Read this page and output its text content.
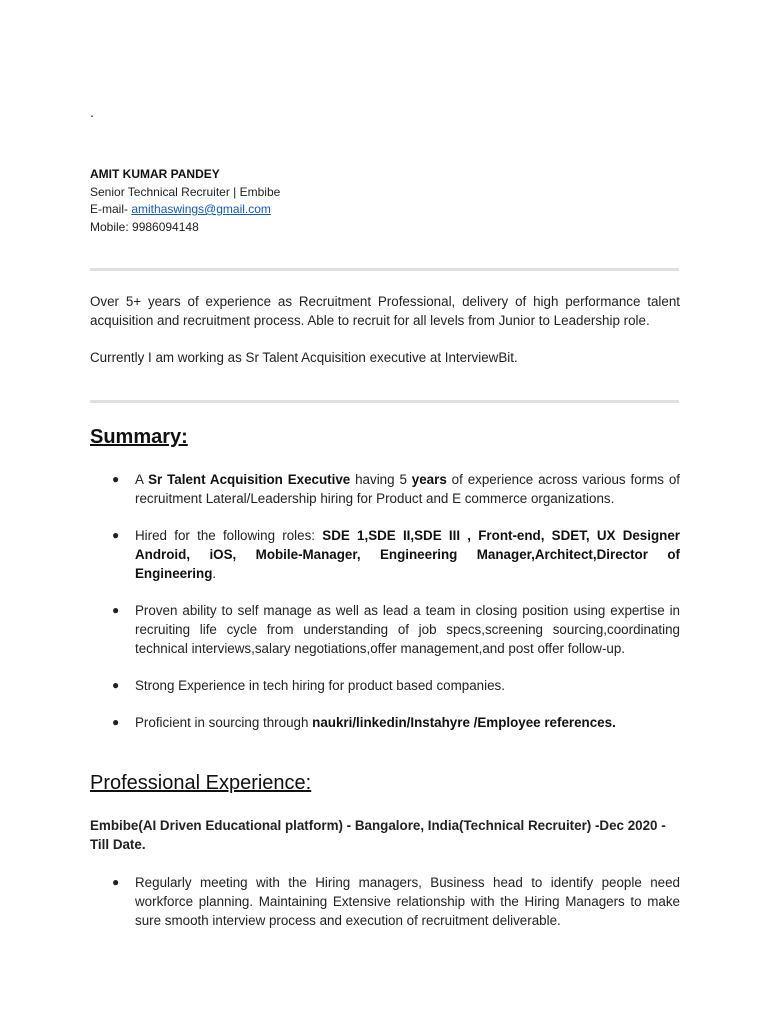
.
AMIT KUMAR PANDEY
Senior Technical Recruiter | Embibe
E-mail- amithaswings@gmail.com
Mobile: 9986094148
Over 5+ years of experience as Recruitment Professional, delivery of high performance talent acquisition and recruitment process. Able to recruit for all levels from Junior to Leadership role.
Currently I am working as Sr Talent Acquisition executive at InterviewBit.
Summary:
● A Sr Talent Acquisition Executive having 5 years of experience across various forms of recruitment Lateral/Leadership hiring for Product and E commerce organizations.
● Hired for the following roles: SDE 1,SDE II,SDE III , Front-end, SDET, UX Designer Android, iOS, Mobile-Manager, Engineering Manager,Architect,Director of Engineering.
● Proven ability to self manage as well as lead a team in closing position using expertise in recruiting life cycle from understanding of job specs,screening sourcing,coordinating technical interviews,salary negotiations,offer management,and post offer follow-up.
● Strong Experience in tech hiring for product based companies.
● Proficient in sourcing through naukri/linkedin/Instahyre /Employee references.
Professional Experience:
Embibe(AI Driven Educational platform) - Bangalore, India(Technical Recruiter) -Dec 2020 - Till Date.
● Regularly meeting with the Hiring managers, Business head to identify people need workforce planning. Maintaining Extensive relationship with the Hiring Managers to make sure smooth interview process and execution of recruitment deliverable.
